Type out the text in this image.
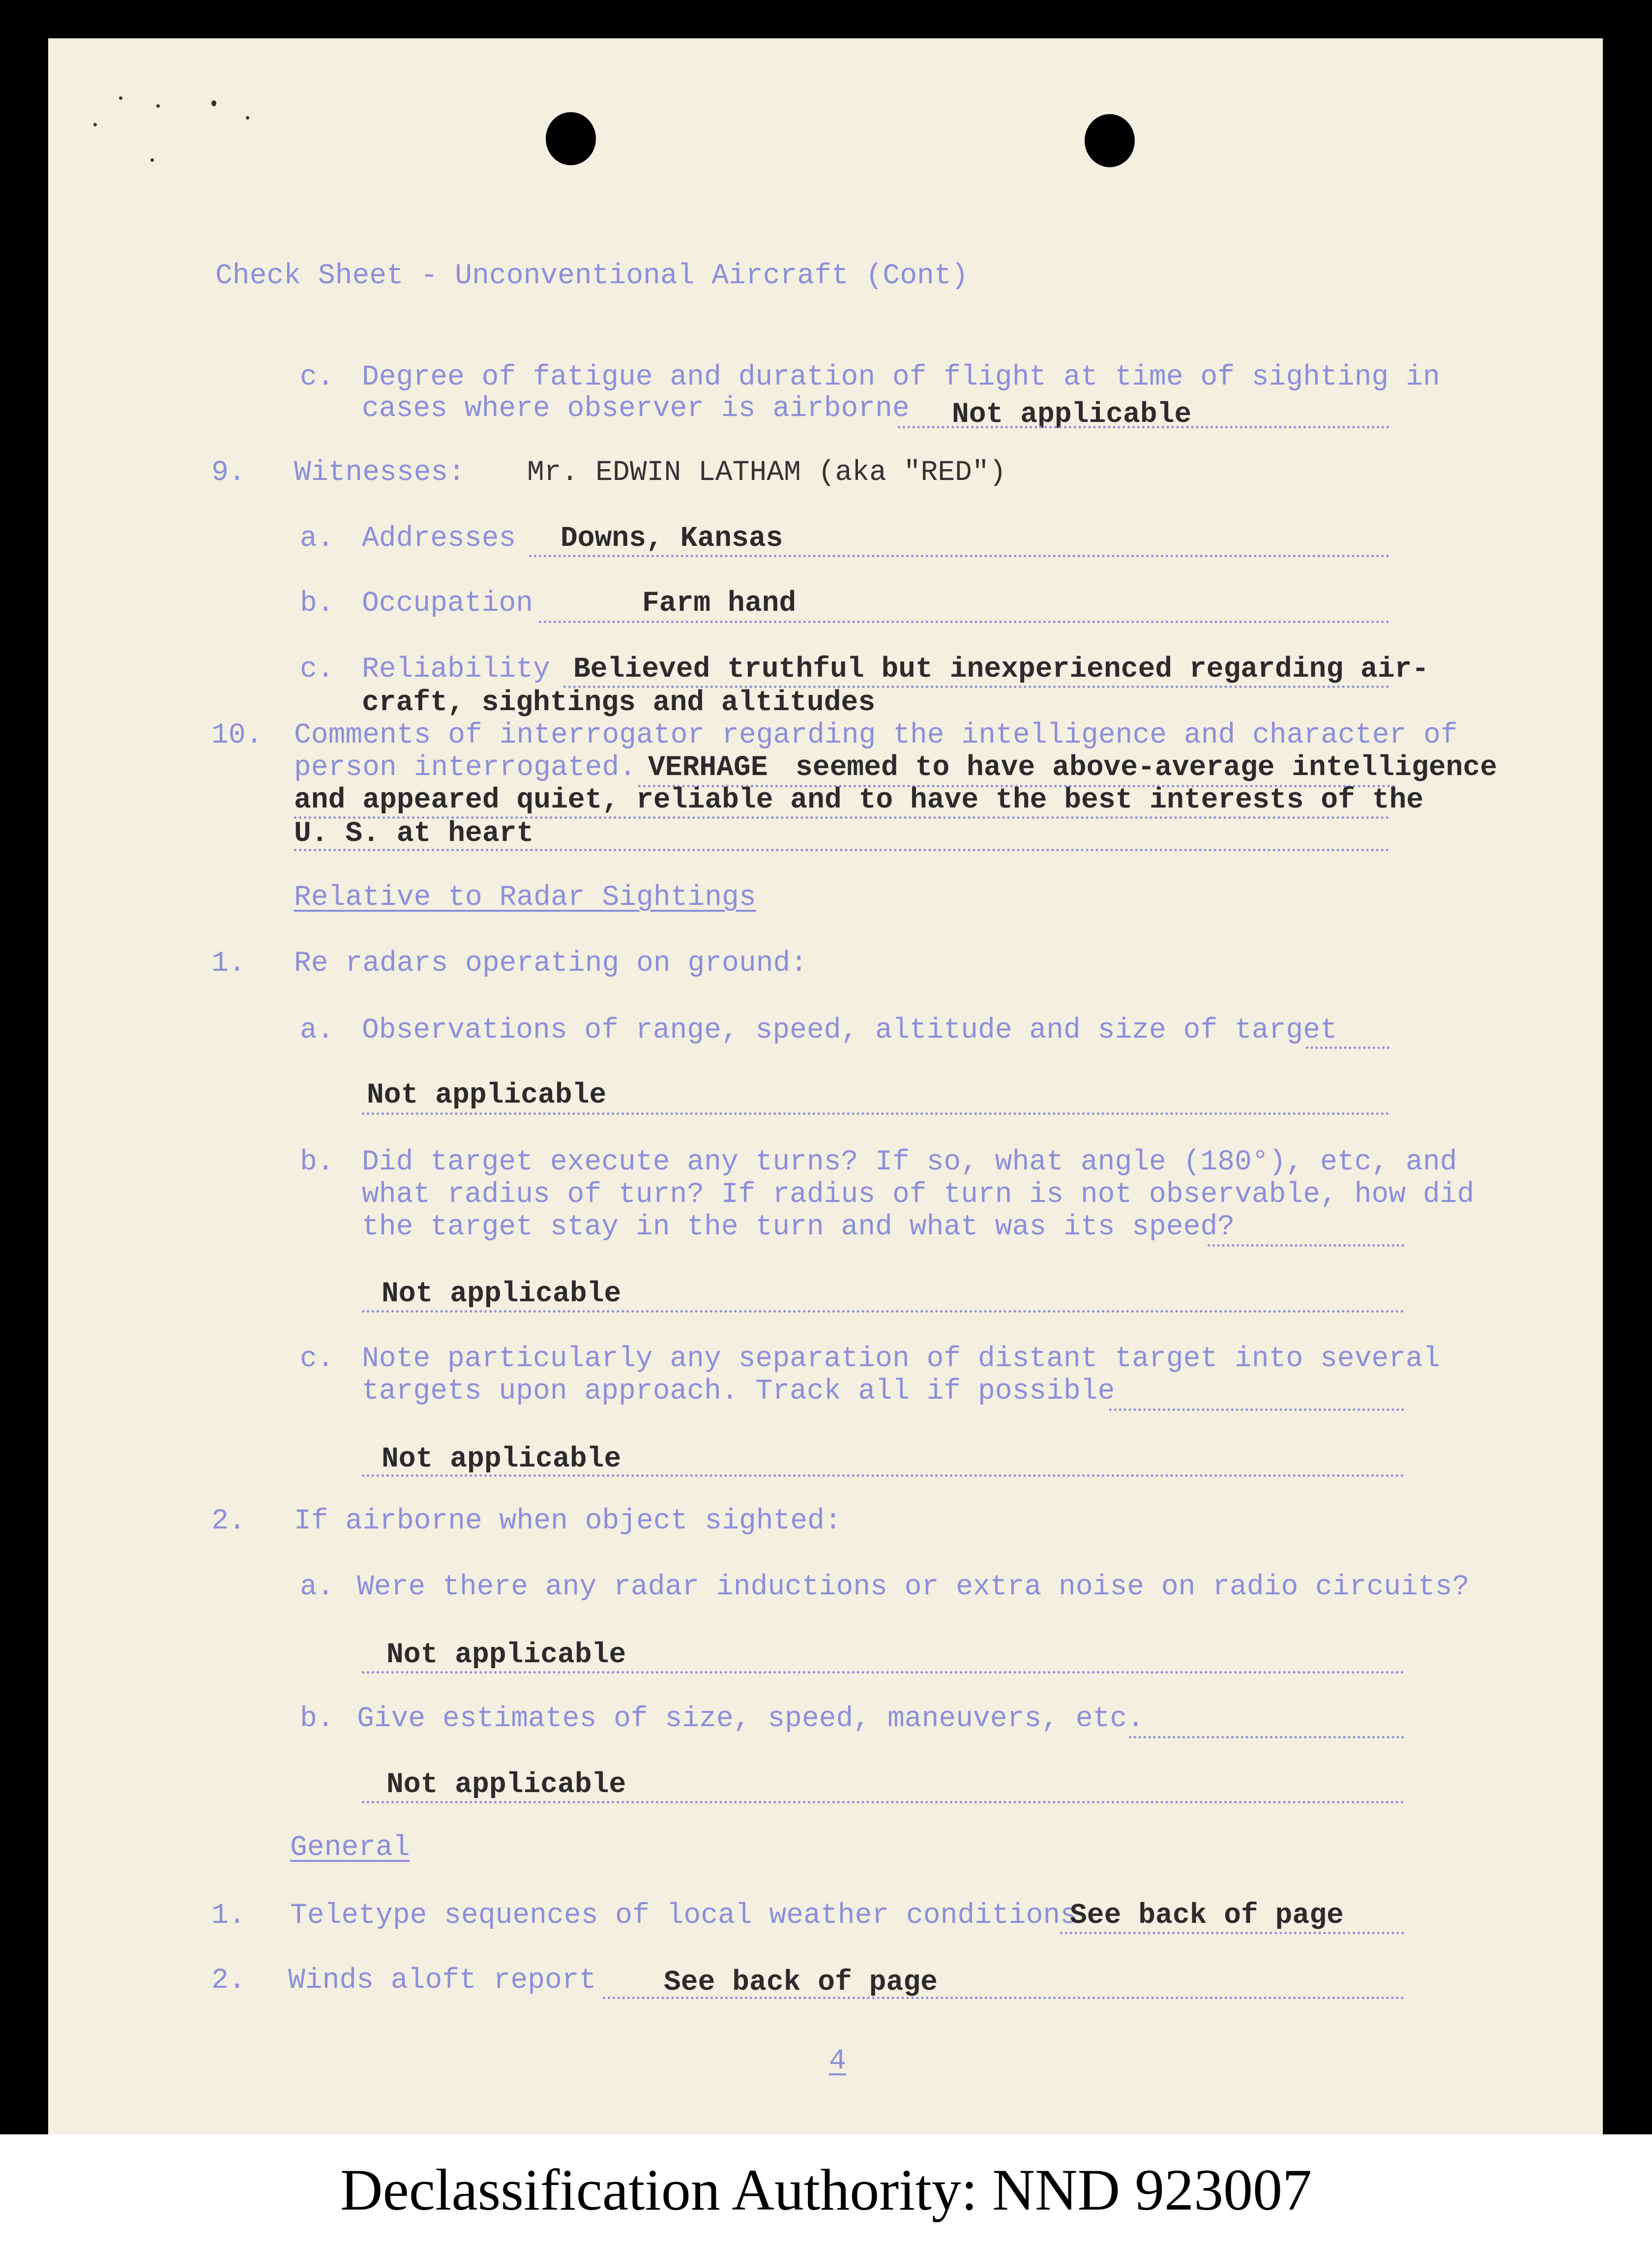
Check Sheet - Unconventional Aircraft (Cont)
c. Degree of fatigue and duration of flight at time of sighting in
cases where observer is airborne Not applicable
9. Witnesses: Mr. EDWIN LATHAM (aka "RED")
a. Addresses Downs, Kansas
b. Occupation	Farm hand
c. Reliability Believed truthful but inexperienced regarding air-
craft, sightings and altitudes
10. Comments of interrogator regarding the intelligence and character of
person interrogated. VERHAGE seemed to have above-average intelligence
and appeared quiet, reliable and to have the best interests of the
U. S. at heart
Relative to Radar Sightings
1. Re radars operating on ground:
a. Observations of range, speed, altitude and size of target
Not applicable
b. Did target execute any turns? If so, what angle (180°), etc, and
what radius of turn? If radius of turn is not observable, how did
the target stay in the turn and what was its speed?
Not applicable
c. Note particularly any separation of distant target into several
targets upon approach. Track all if possible
Not applicable
2. If airborne when object sighted:
a. Were there any radar inductions or extra noise on radio circuits?
Not applicable
b. Give estimates of size, speed, maneuvers, etc.
Not applicable
General
1. Teletype sequences of local weather conditions
See back of page
2. Winds aloft report See back of page
4
Declassification Authority: NND 923007
